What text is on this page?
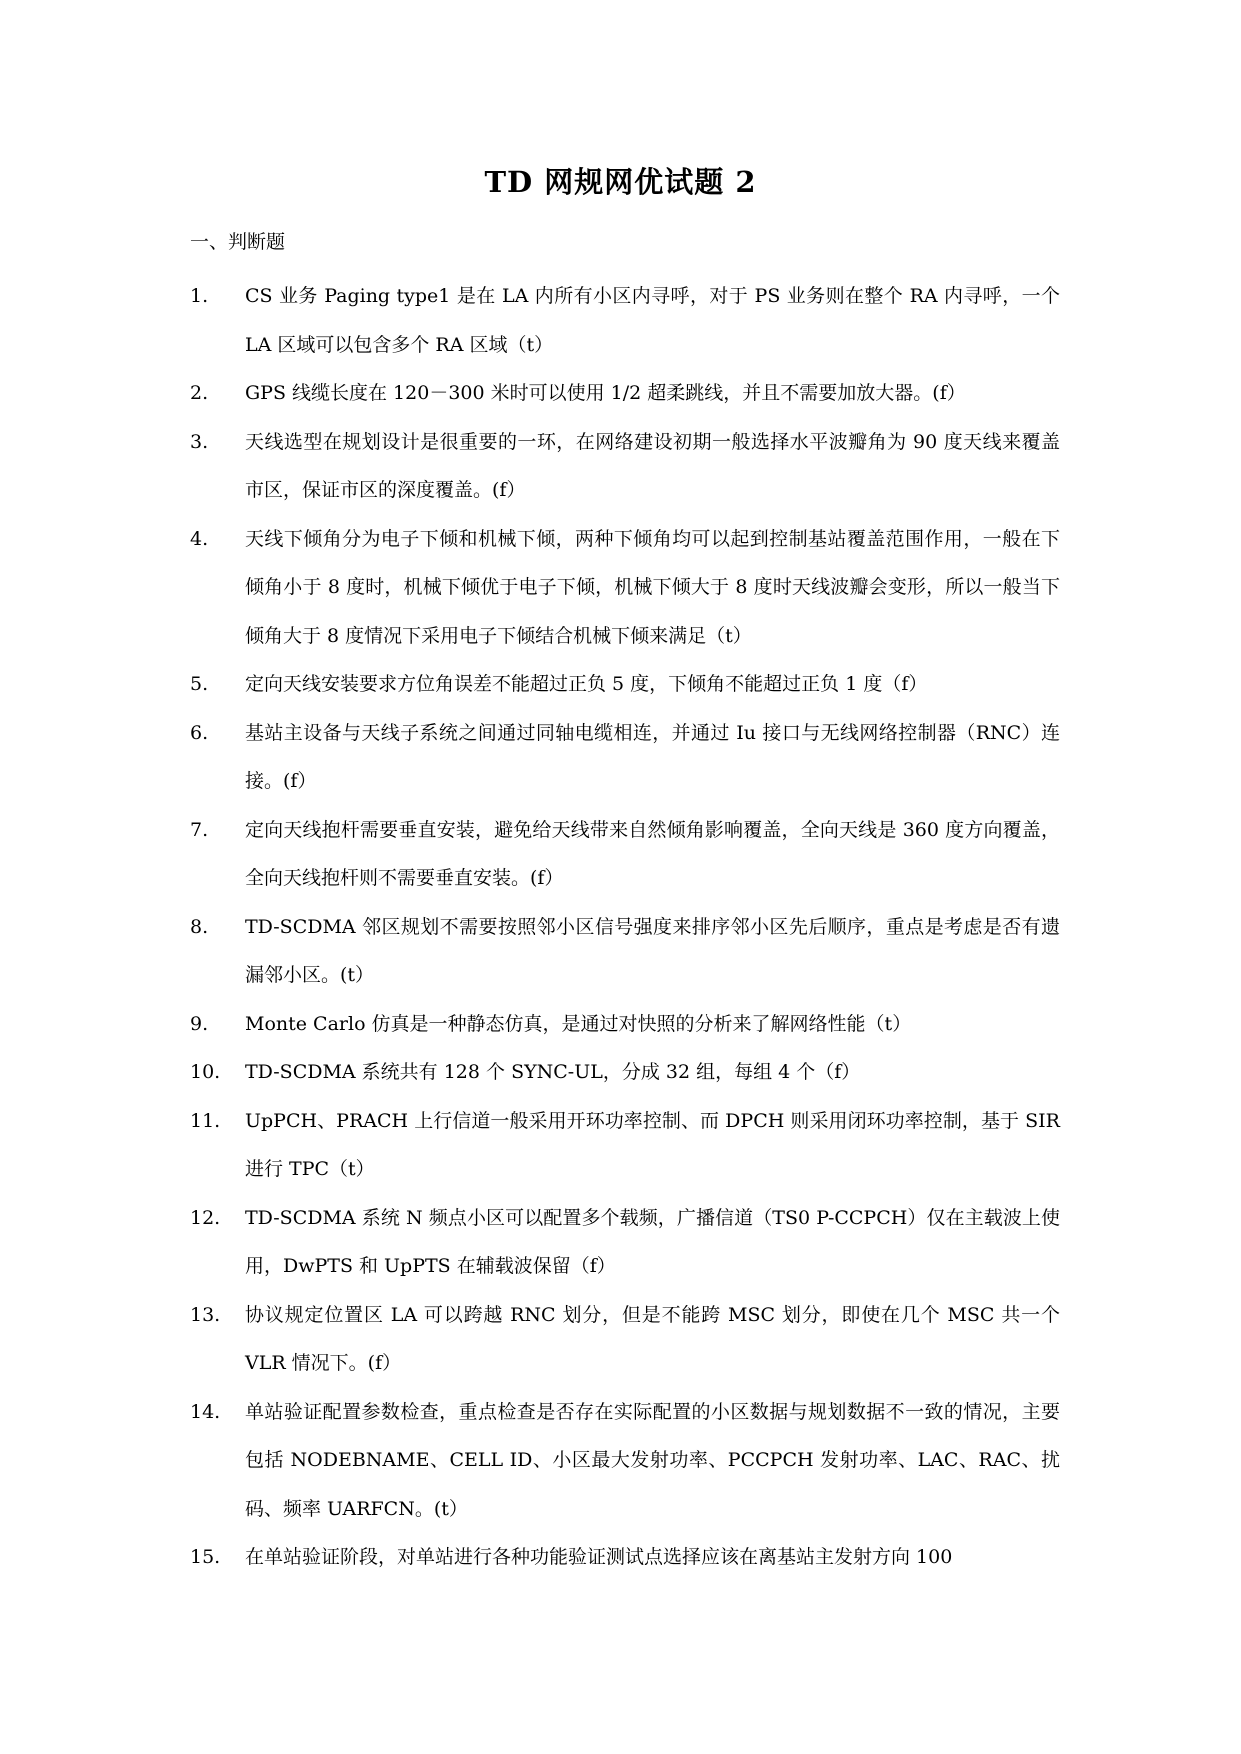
TD 网规网优试题 2
一、判断题
1.	CS 业务 Paging type1 是在 LA 内所有小区内寻呼，对于 PS 业务则在整个 RA 内寻呼，一个 LA 区域可以包含多个 RA 区域（t）
2.	GPS 线缆长度在 120－300 米时可以使用 1/2 超柔跳线，并且不需要加放大器。(f）
3.	天线选型在规划设计是很重要的一环，在网络建设初期一般选择水平波瓣角为 90 度天线来覆盖市区，保证市区的深度覆盖。(f）
4.	天线下倾角分为电子下倾和机械下倾，两种下倾角均可以起到控制基站覆盖范围作用，一般在下倾角小于 8 度时，机械下倾优于电子下倾，机械下倾大于 8 度时天线波瓣会变形，所以一般当下倾角大于 8 度情况下采用电子下倾结合机械下倾来满足（t）
5.	定向天线安装要求方位角误差不能超过正负 5 度，下倾角不能超过正负 1 度（f）
6.	基站主设备与天线子系统之间通过同轴电缆相连，并通过 Iu 接口与无线网络控制器（RNC）连接。(f）
7.	定向天线抱杆需要垂直安装，避免给天线带来自然倾角影响覆盖，全向天线是 360 度方向覆盖，全向天线抱杆则不需要垂直安装。(f）
8.	TD-SCDMA 邻区规划不需要按照邻小区信号强度来排序邻小区先后顺序，重点是考虑是否有遗漏邻小区。(t）
9.	Monte Carlo 仿真是一种静态仿真，是通过对快照的分析来了解网络性能（t）
10.	TD-SCDMA 系统共有 128 个 SYNC-UL，分成 32 组，每组 4 个（f）
11.	UpPCH、PRACH 上行信道一般采用开环功率控制、而 DPCH 则采用闭环功率控制，基于 SIR 进行 TPC（t）
12.	TD-SCDMA 系统 N 频点小区可以配置多个载频，广播信道（TS0 P-CCPCH）仅在主载波上使用，DwPTS 和 UpPTS 在辅载波保留（f）
13.	协议规定位置区 LA 可以跨越 RNC 划分，但是不能跨 MSC 划分，即使在几个 MSC 共一个 VLR 情况下。(f）
14.	单站验证配置参数检查，重点检查是否存在实际配置的小区数据与规划数据不一致的情况，主要包括 NODEBNAME、CELL ID、小区最大发射功率、PCCPCH 发射功率、LAC、RAC、扰码、频率 UARFCN。(t）
15.	在单站验证阶段，对单站进行各种功能验证测试点选择应该在离基站主发射方向 100
